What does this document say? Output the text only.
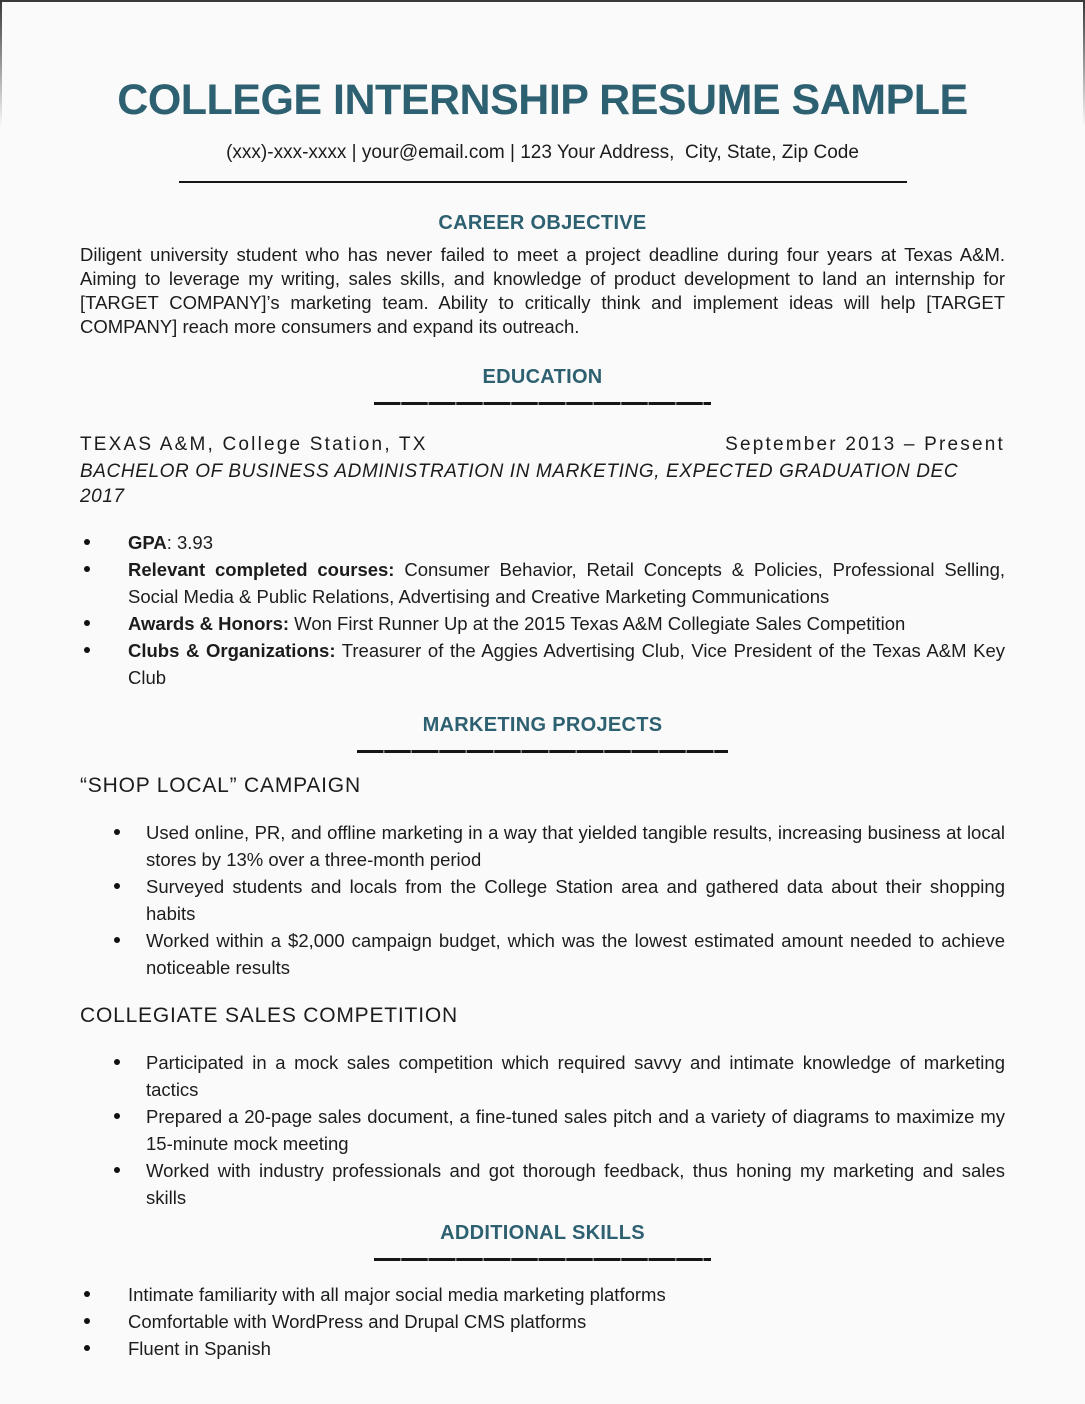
COLLEGE INTERNSHIP RESUME SAMPLE
(xxx)-xxx-xxxx | your@email.com | 123 Your Address,  City, State, Zip Code
CAREER OBJECTIVE

Diligent university student who has never failed to meet a project deadline during four years at Texas A&M. Aiming to leverage my writing, sales skills, and knowledge of product development to land an internship for [TARGET COMPANY]’s marketing team. Ability to critically think and implement ideas will help [TARGET COMPANY] reach more consumers and expand its outreach.

EDUCATION
TEXAS A&M, College Station, TX	September 2013 – Present

BACHELOR OF BUSINESS ADMINISTRATION IN MARKETING, EXPECTED GRADUATION DEC 2017

GPA: 3.93
Relevant completed courses: Consumer Behavior, Retail Concepts & Policies, Professional Selling, Social Media & Public Relations, Advertising and Creative Marketing Communications
Awards & Honors: Won First Runner Up at the 2015 Texas A&M Collegiate Sales Competition
Clubs & Organizations: Treasurer of the Aggies Advertising Club, Vice President of the Texas A&M Key Club
MARKETING PROJECTS
“SHOP LOCAL” CAMPAIGN
Used online, PR, and offline marketing in a way that yielded tangible results, increasing business at local stores by 13% over a three-month period
Surveyed students and locals from the College Station area and gathered data about their shopping habits
Worked within a $2,000 campaign budget, which was the lowest estimated amount needed to achieve noticeable results
COLLEGIATE SALES COMPETITION
Participated in a mock sales competition which required savvy and intimate knowledge of marketing tactics
Prepared a 20-page sales document, a fine-tuned sales pitch and a variety of diagrams to maximize my 15-minute mock meeting
Worked with industry professionals and got thorough feedback, thus honing my marketing and sales skills
ADDITIONAL SKILLS
Intimate familiarity with all major social media marketing platforms
Comfortable with WordPress and Drupal CMS platforms
Fluent in Spanish
